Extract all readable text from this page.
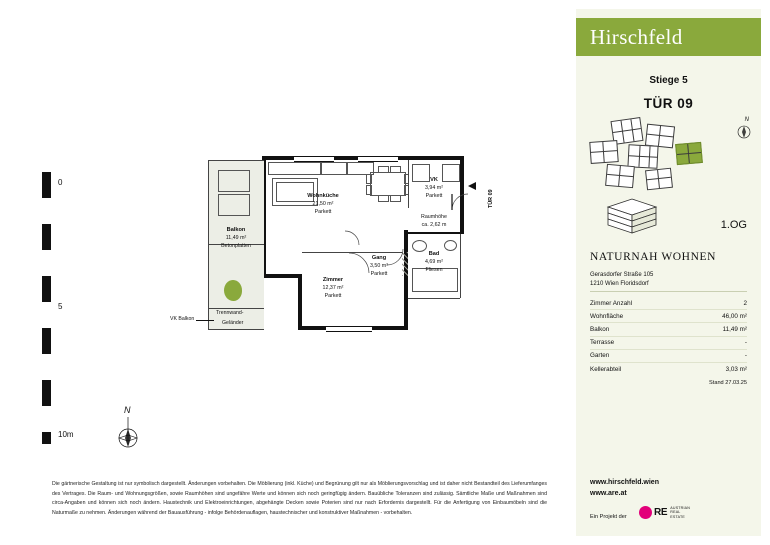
0
5
10m
N
Balkon
11,49 m²
Betonplatten
Wohnküche
21,50 m²
Parkett
VK
3,94 m²
Parkett
Raumhöhe
ca. 2,62 m
Zimmer
12,37 m²
Parkett
Gang
3,50 m²
Parkett
Bad
4,69 m²
Fliesen
Trennwand-
Geländer
VK Balkon
TÜR 09
Die gärtnerische Gestaltung ist nur symbolisch dargestellt. Änderungen vorbehalten. Die Möblierung (inkl. Küche) und Begrünung gilt nur als Möblierungsvorschlag und ist daher nicht Bestandteil des Lieferumfanges des Vertrages. Die Raum- und Wohnungsgrößen, sowie Raumhöhen sind ungefähre Werte und können sich noch geringfügig ändern. Bauübliche Toleranzen sind zulässig. Sämtliche Maße und Maßnahmen sind circa-Angaben und können sich noch ändern. Haustechnik und Elektroeinrichtungen, abgehängte Decken sowie Poterien sind nur nach Erfordernis dargestellt. Für die Anfertigung von Einbaumöbeln sind die Naturmaße zu nehmen. Änderungen während der Bauausführung - infolge Behördenauflagen, haustechnischer und konstruktiver Maßnahmen - vorbehalten.
Hirschfeld
Stiege 5
TÜR 09
N
1.OG
NATURNAH WOHNEN
Gerasdorfer Straße 105
1210 Wien Floridsdorf
Zimmer Anzahl	2
Wohnfläche	46,00 m²
Balkon	11,49 m²
Terrasse	-
Garten	-
Kellerabteil	3,03 m²
Stand 27.03.25
www.hirschfeld.wien
www.are.at
Ein Projekt der	RE AUSTRIAN
REAL
ESTATE
